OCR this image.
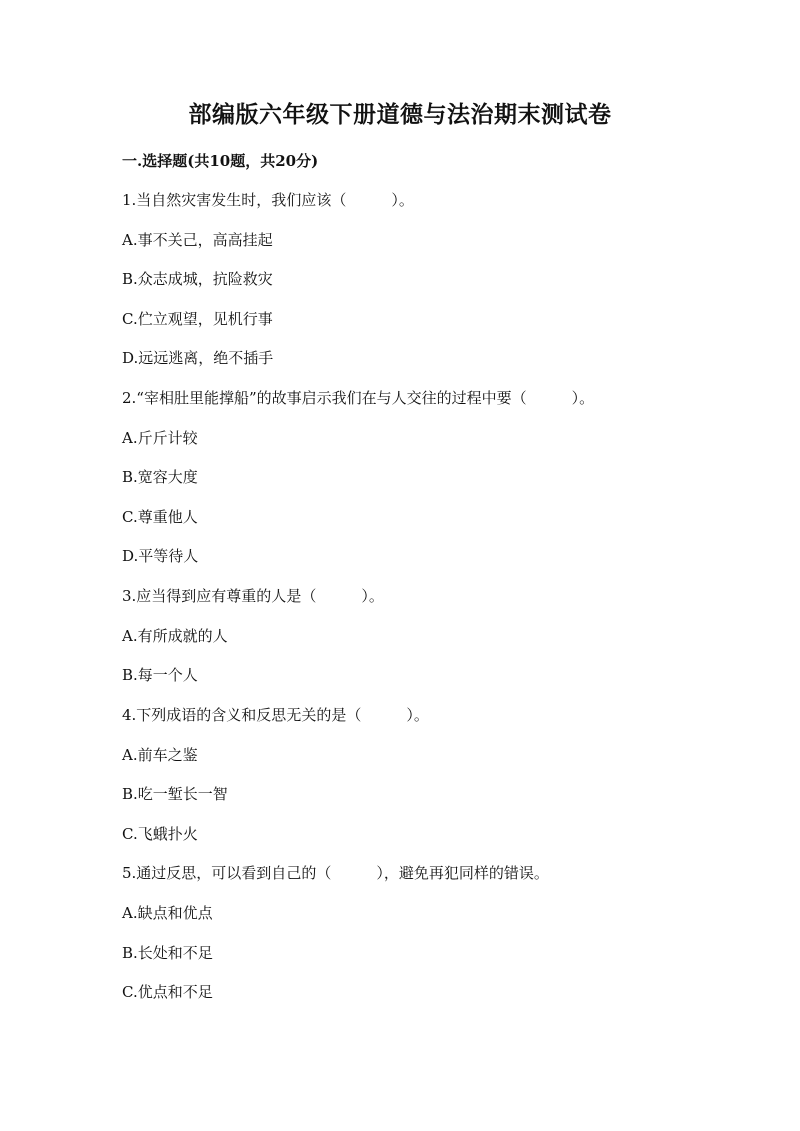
部编版六年级下册道德与法治期末测试卷
一.选择题(共10题，共20分)
1.当自然灾害发生时，我们应该（　　　）。
A.事不关己，高高挂起
B.众志成城，抗险救灾
C.伫立观望，见机行事
D.远远逃离，绝不插手
2.“宰相肚里能撑船”的故事启示我们在与人交往的过程中要（　　　）。
A.斤斤计较
B.宽容大度
C.尊重他人
D.平等待人
3.应当得到应有尊重的人是（　　　）。
A.有所成就的人
B.每一个人
4.下列成语的含义和反思无关的是（　　　）。
A.前车之鉴
B.吃一堑长一智
C.飞蛾扑火
5.通过反思，可以看到自己的（　　　），避免再犯同样的错误。
A.缺点和优点
B.长处和不足
C.优点和不足
